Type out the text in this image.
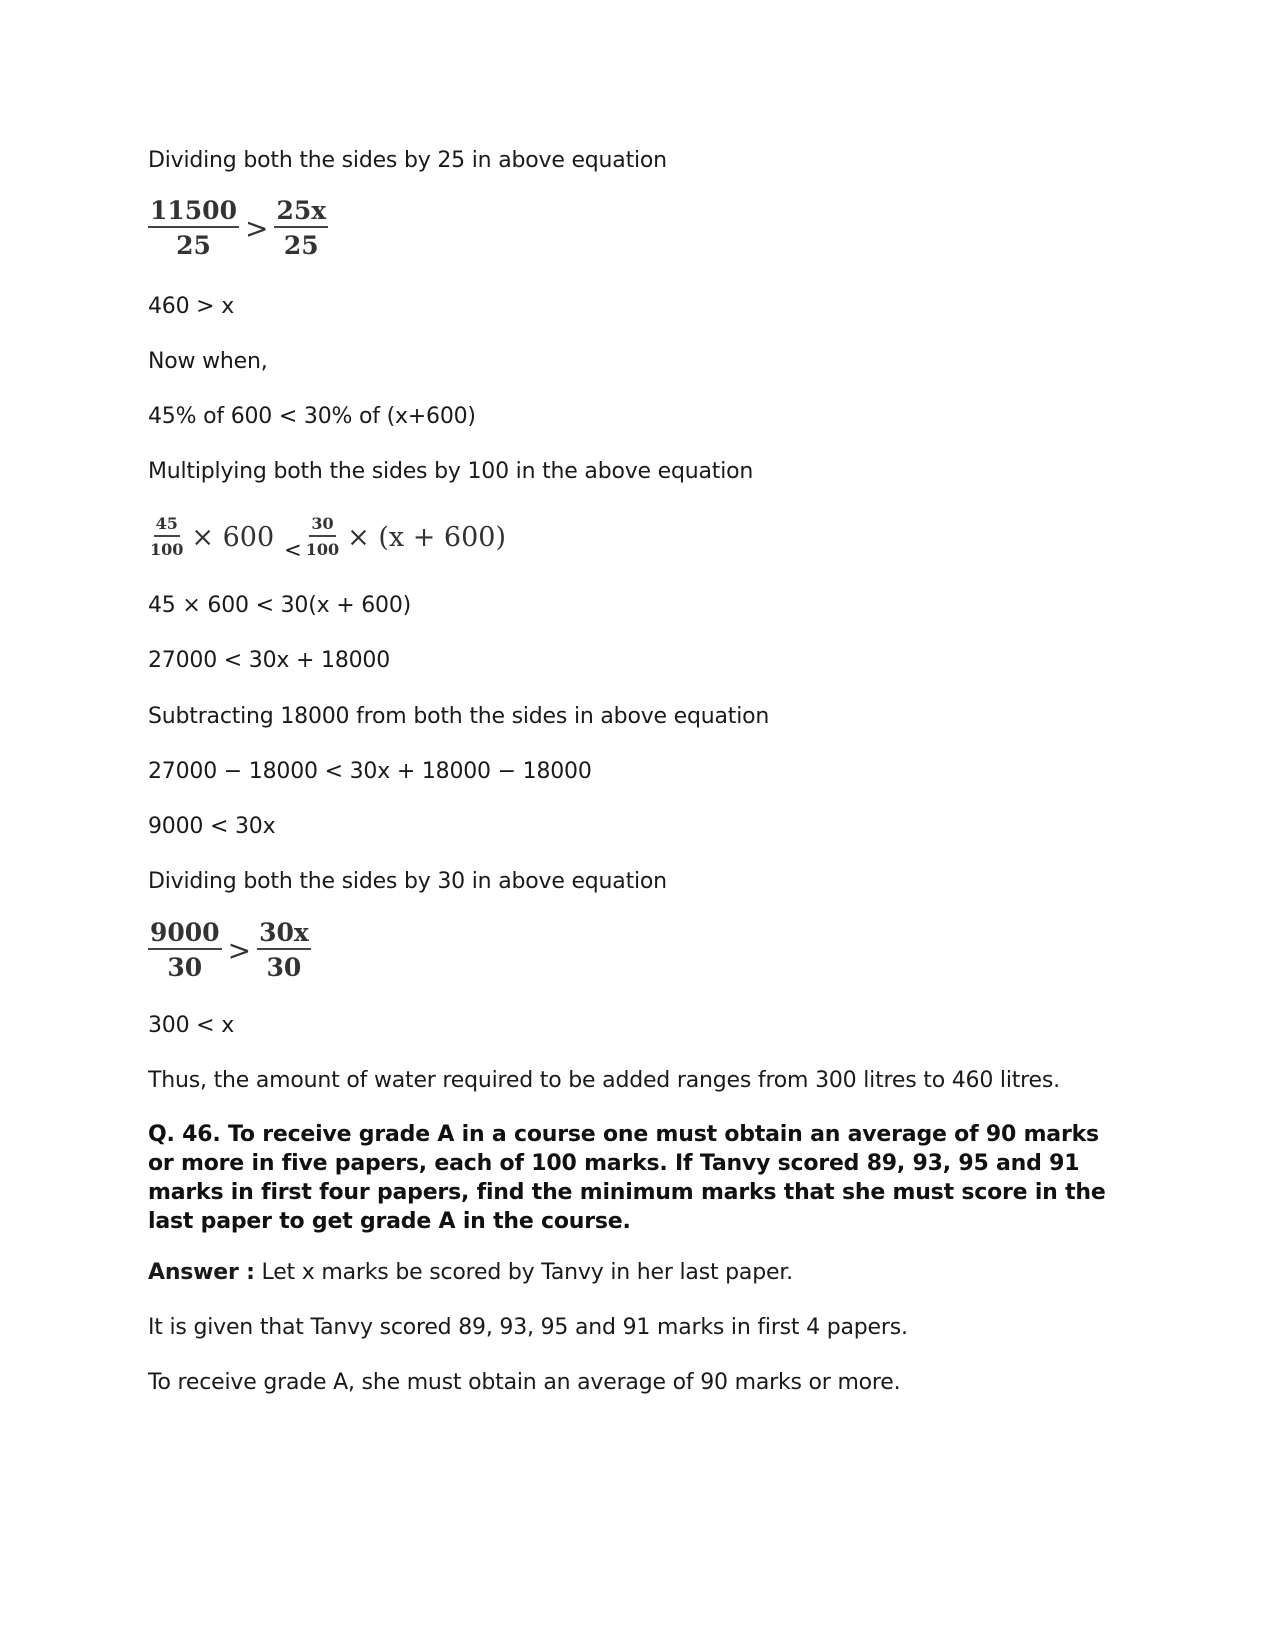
Dividing both the sides by 25 in above equation
$\frac{11500}{25} > \frac{25x}{25}$
460 > x
Now when,
45% of 600 < 30% of (x+600)
Multiplying both the sides by 100 in the above equation
$\frac{45}{100} \times 600 < \frac{30}{100} \times (x + 600)$
45 × 600 < 30(x + 600)
27000 < 30x + 18000
Subtracting 18000 from both the sides in above equation
27000 − 18000 < 30x + 18000 − 18000
9000 < 30x
Dividing both the sides by 30 in above equation
$\frac{9000}{30} > \frac{30x}{30}$
300 < x
Thus, the amount of water required to be added ranges from 300 litres to 460 litres.
Q. 46. To receive grade A in a course one must obtain an average of 90 marks or more in five papers, each of 100 marks. If Tanvy scored 89, 93, 95 and 91 marks in first four papers, find the minimum marks that she must score in the last paper to get grade A in the course.
Answer : Let x marks be scored by Tanvy in her last paper.
It is given that Tanvy scored 89, 93, 95 and 91 marks in first 4 papers.
To receive grade A, she must obtain an average of 90 marks or more.
